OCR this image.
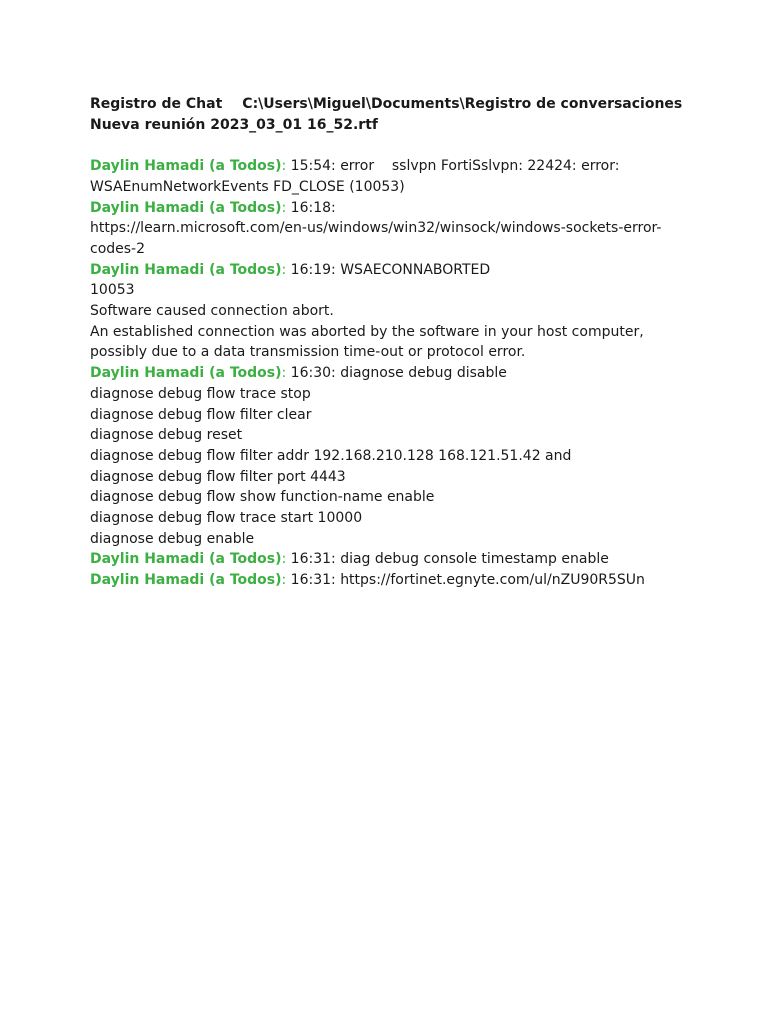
Registro de Chat C:\Users\Miguel\Documents\Registro de conversaciones Nueva reunión 2023_03_01 16_52.rtf
Daylin Hamadi (a Todos): 15:54: error    sslvpn FortiSslvpn: 22424: error: WSAEnumNetworkEvents FD_CLOSE (10053)
Daylin Hamadi (a Todos): 16:18:
https://learn.microsoft.com/en-us/windows/win32/winsock/windows-sockets-error-codes-2
Daylin Hamadi (a Todos): 16:19: WSAECONNABORTED
10053
Software caused connection abort.
An established connection was aborted by the software in your host computer, possibly due to a data transmission time-out or protocol error.
Daylin Hamadi (a Todos): 16:30: diagnose debug disable
diagnose debug flow trace stop
diagnose debug flow filter clear
diagnose debug reset
diagnose debug flow filter addr 192.168.210.128 168.121.51.42 and
diagnose debug flow filter port 4443
diagnose debug flow show function-name enable
diagnose debug flow trace start 10000
diagnose debug enable
Daylin Hamadi (a Todos): 16:31: diag debug console timestamp enable
Daylin Hamadi (a Todos): 16:31: https://fortinet.egnyte.com/ul/nZU90R5SUn
